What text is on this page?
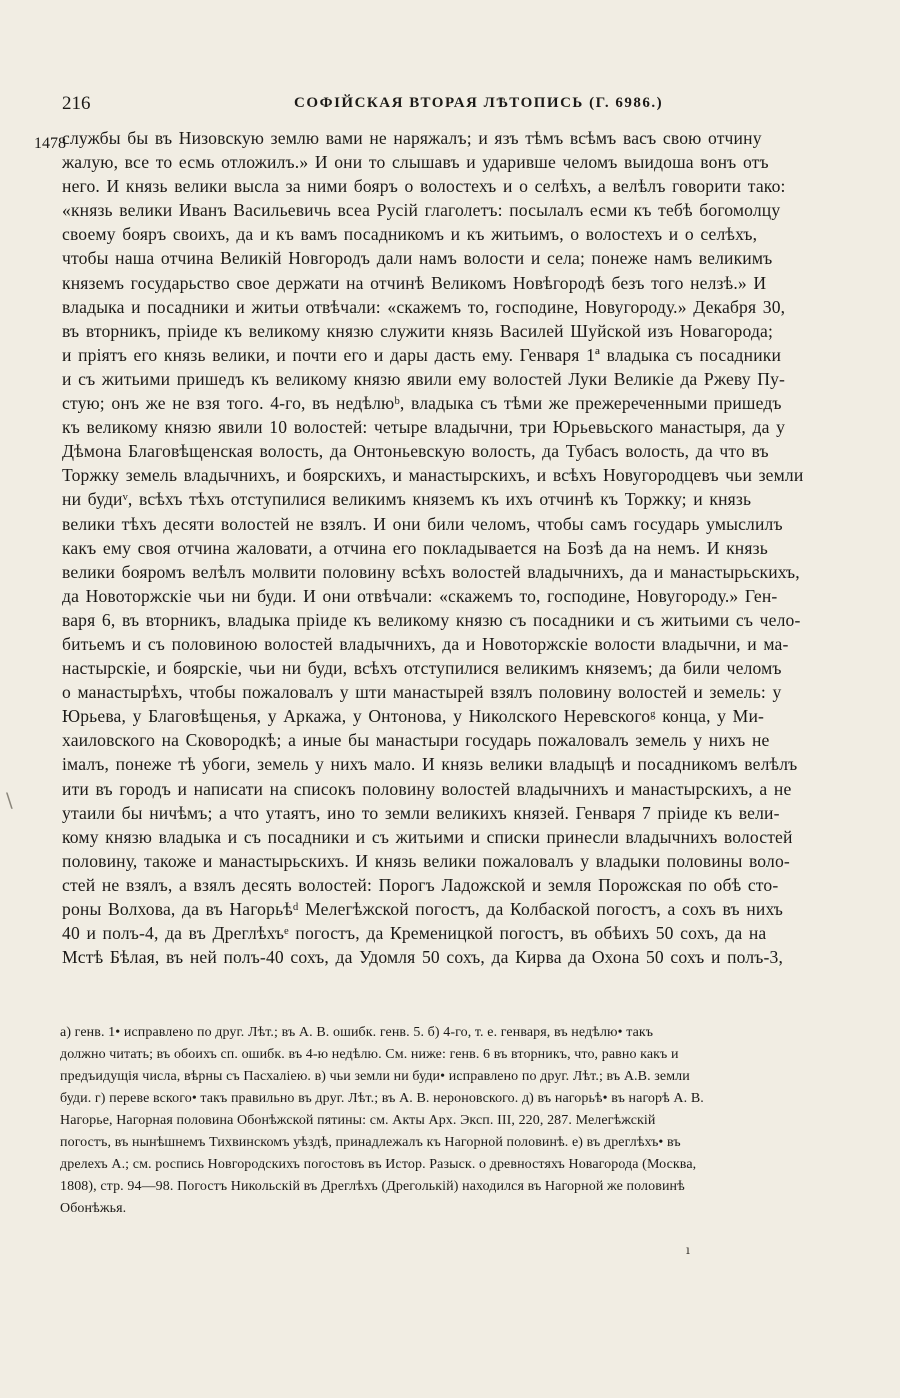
216	СОФІЙСКАЯ ВТОРАЯ ЛѢТОПИСЬ (Г. 6986.)
1478
\
службы бы въ Низовскую землю вами не наряжалъ; и язъ тѣмъ всѣмъ васъ свою отчину
жалую, все то есмь отложилъ.» И они то слышавъ и ударивше челомъ выидоша вонъ отъ
него. И князь велики высла за ними бояръ о волостехъ и о селѣхъ, а велѣлъ говорити тако:
«князь велики Иванъ Васильевичь всеа Русій глаголетъ: посылалъ есми къ тебѣ богомолцу
своему бояръ своихъ, да и къ вамъ посадникомъ и къ житьимъ, о волостехъ и о селѣхъ,
чтобы наша отчина Великій Новгородъ дали намъ волости и села; понеже намъ великимъ
княземъ государьство свое держати на отчинѣ Великомъ Новѣгородѣ безъ того нелзѣ.» И
владыка и посадники и житьи отвѣчали: «скажемъ то, господине, Новугороду.» Декабря 30,
въ вторникъ, пріиде къ великому князю служити князь Василей Шуйской изъ Новагорода;
и пріятъ его князь велики, и почти его и дары дасть ему. Генваря 1ª владыка съ посадники
и съ житьими пришедъ къ великому князю явили ему волостей Луки Великіе да Ржеву Пу-
стую; онъ же не взя того. 4-го, въ недѣлюᵇ, владыка съ тѣми же прежереченными пришедъ
къ великому князю явили 10 волостей: четыре владычни, три Юрьевьского манастыря, да у
Дѣмона Благовѣщенская волость, да Онтоньевскую волость, да Тубасъ волость, да что въ
Торжку земель владычнихъ, и боярскихъ, и манастырскихъ, и всѣхъ Новугородцевъ чьи земли
ни будиᵛ, всѣхъ тѣхъ отступилися великимъ княземъ къ ихъ отчинѣ къ Торжку; и князь
велики тѣхъ десяти волостей не взялъ. И они били челомъ, чтобы самъ государь умыслилъ
какъ ему своя отчина жаловати, а отчина его покладывается на Бозѣ да на немъ. И князь
велики бояромъ велѣлъ молвити половину всѣхъ волостей владычнихъ, да и манастырьскихъ,
да Новоторжскіе чьи ни буди. И они отвѣчали: «скажемъ то, господине, Новугороду.» Ген-
варя 6, въ вторникъ, владыка пріиде къ великому князю съ посадники и съ житьими съ чело-
битьемъ и съ половиною волостей владычнихъ, да и Новоторжскіе волости владычни, и ма-
настырскіе, и боярскіе, чьи ни буди, всѣхъ отступилися великимъ княземъ; да били челомъ
о манастырѣхъ, чтобы пожаловалъ у шти манастырей взялъ половину волостей и земель: у
Юрьева, у Благовѣщенья, у Аркажа, у Онтонова, у Николского Неревскогоᵍ конца, у Ми-
хаиловского на Сковородкѣ; а иные бы манастыри государь пожаловалъ земель у нихъ не
імалъ, понеже тѣ убоги, земель у нихъ мало. И князь велики владыцѣ и посадникомъ велѣлъ
ити въ городъ и написати на списокъ половину волостей владычнихъ и манастырскихъ, а не
утаили бы ничѣмъ; а что утаятъ, ино то земли великихъ князей. Генваря 7 пріиде къ вели-
кому князю владыка и съ посадники и съ житьими и списки принесли владычнихъ волостей
половину, такоже и манастырьскихъ. И князь велики пожаловалъ у владыки половины воло-
стей не взялъ, а взялъ десять волостей: Порогъ Ладожской и земля Порожская по обѣ сто-
роны Волхова, да въ Нагорьѣᵈ Мелегѣжской погостъ, да Колбаской погостъ, а сохъ въ нихъ
40 и полъ-4, да въ Дреглѣхъᵉ погостъ, да Кременицкой погостъ, въ обѣихъ 50 сохъ, да на
Мстѣ Бѣлая, въ ней полъ-40 сохъ, да Удомля 50 сохъ, да Кирва да Охона 50 сохъ и полъ-3,
а) генв. 1• исправлено по друг. Лѣт.; въ А. В. ошибк. генв. 5. б) 4-го, т. е. генваря, въ недѣлю• такъ
должно читать; въ обоихъ сп. ошибк. въ 4-ю недѣлю. См. ниже: генв. 6 въ вторникъ, что, равно какъ и
предъидущія числа, вѣрны съ Пасхаліею. в) чьи земли ни буди• исправлено по друг. Лѣт.; въ А.В. земли
буди. г) переве вского• такъ правильно въ друг. Лѣт.; въ А. В. нероновского. д) въ нагорьѣ• въ нагорѣ А. В.
Нагорье, Нагорная половина Обонѣжской пятины: см. Акты Арх. Эксп. III, 220, 287. Мелегѣжскій
погостъ, въ нынѣшнемъ Тихвинскомъ уѣздѣ, принадлежалъ къ Нагорной половинѣ. е) въ дреглѣхъ• въ
дрелехъ А.; см. роспись Новгородскихъ погостовъ въ Истор. Разыск. о древностяхъ Новагорода (Москва,
1808), стр. 94—98. Погостъ Никольскій въ Дреглѣхъ (Дреголькій) находился въ Нагорной же половинѣ
Обонѣжья.
ı
